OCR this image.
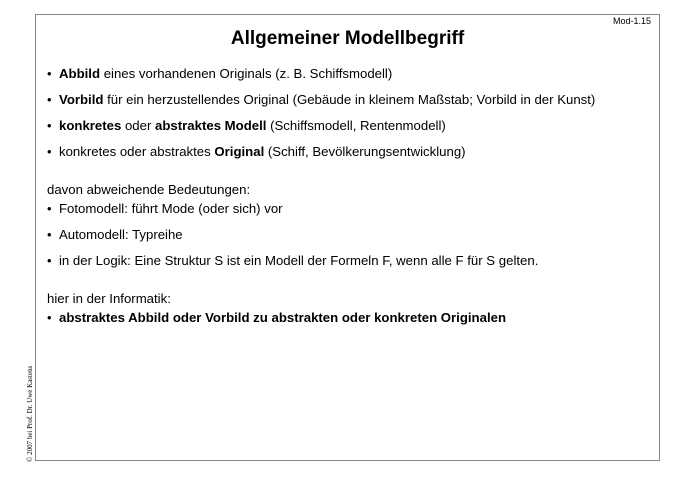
Mod-1.15
Allgemeiner Modellbegriff
• Abbild eines vorhandenen Originals (z. B. Schiffsmodell)
• Vorbild für ein herzustellendes Original (Gebäude in kleinem Maßstab; Vorbild in der Kunst)
• konkretes oder abstraktes Modell (Schiffsmodell, Rentenmodell)
• konkretes oder abstraktes Original (Schiff, Bevölkerungsentwicklung)
davon abweichende Bedeutungen:
• Fotomodell: führt Mode (oder sich) vor
• Automodell: Typreihe
• in der Logik: Eine Struktur S ist ein Modell der Formeln F, wenn alle F für S gelten.
hier in der Informatik:
• abstraktes Abbild oder Vorbild zu abstrakten oder konkreten Originalen
© 2007 bei Prof. Dr. Uwe Kastens
